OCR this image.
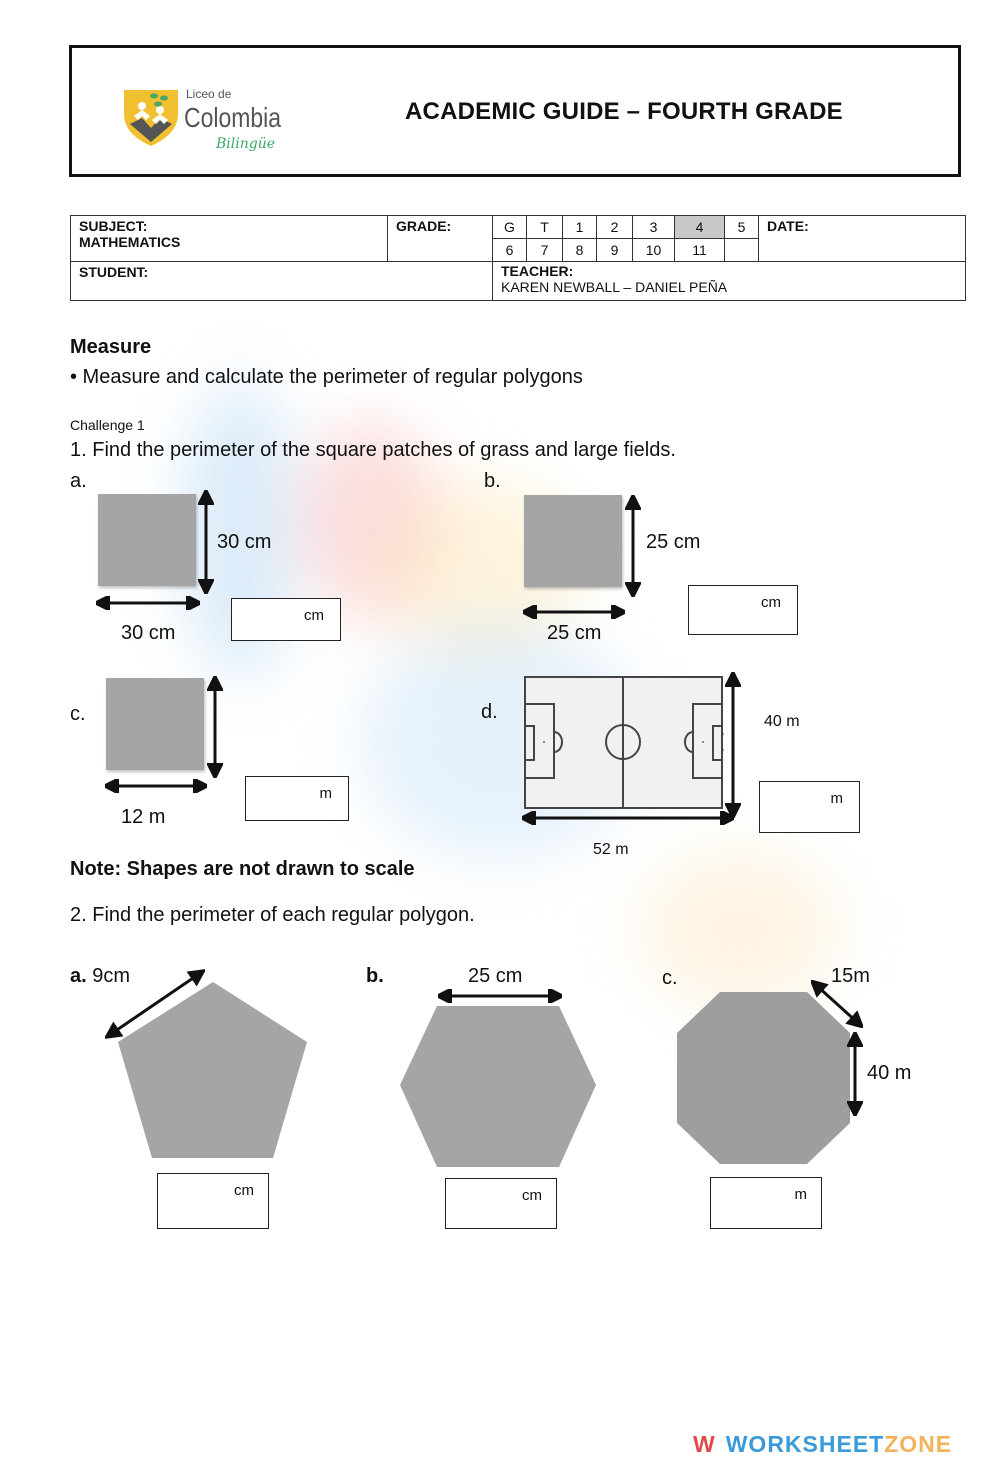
Liceo de
Colombia
Bilingüe
ACADEMIC GUIDE – FOURTH GRADE
SUBJECT:
MATHEMATICS	GRADE:	G	T	1	2	3	4	5	DATE:
		6	7	8	9	10	11		
STUDENT:		TEACHER:
KAREN NEWBALL – DANIEL PEÑA							
Measure
• Measure and calculate the perimeter of regular polygons
Challenge 1
1. Find the perimeter of the square patches of grass and large fields.
a.
30 cm
30 cm
cm
b.
25 cm
25 cm
cm
c.
12 m
m
d.	40 m
52 m
m
Note: Shapes are not drawn to scale
2. Find the perimeter of each regular polygon.
a. 9cm
cm
b.	25 cm
cm
c.	15m
40 m
m
W WORKSHEETZONE
